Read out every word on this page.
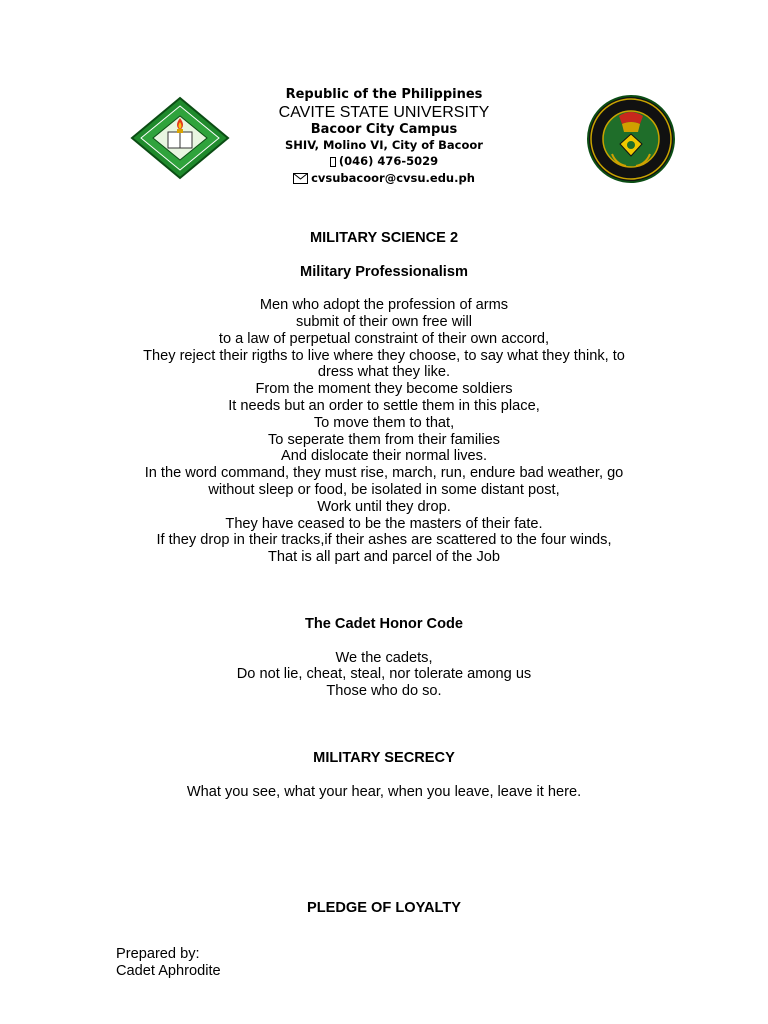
Republic of the Philippines
CAVITE STATE UNIVERSITY
Bacoor City Campus
SHIV, Molino VI, City of Bacoor
(046) 476-5029
cvsubacoor@cvsu.edu.ph

MILITARY SCIENCE 2

Military Professionalism

Men who adopt the profession of arms

submit of their own free will

to a law of perpetual constraint of their own accord,

They reject their rigths to live where they choose, to say what they think, to

dress what they like.

From the moment they become soldiers

It needs but an order to settle them in this place,

To move them to that,

To seperate them from their families

And dislocate their normal lives.

In the word command, they must rise, march, run, endure bad weather, go

without sleep or food, be isolated in some distant post,

Work until they drop.

They have ceased to be the masters of their fate.

If they drop in their tracks,if their ashes are scattered to the four winds,

That is all part and parcel of the Job

The Cadet Honor Code

We the cadets,

Do not lie, cheat, steal, nor tolerate among us

Those who do so.

MILITARY SECRECY

What you see, what your hear, when you leave, leave it here.

PLEDGE OF LOYALTY

Prepared by:
Cadet Aphrodite
